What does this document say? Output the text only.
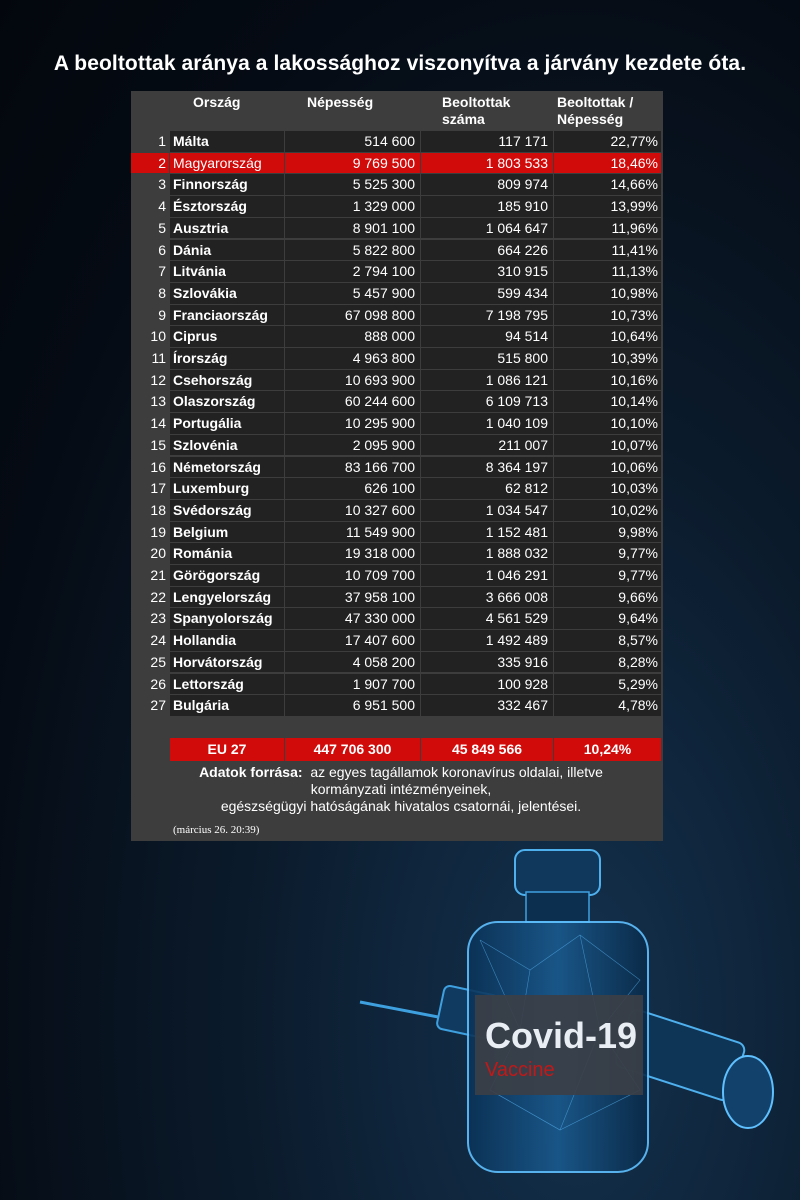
A beoltottak aránya a lakossághoz viszonyítva a járvány kezdete óta.
Ország	Népesség	Beoltottak
száma
Beoltottak /
Népesség
1 Málta	514 600	117 171	22,77%
2 Magyarország	9 769 500	1 803 533	18,46%
3 Finnország	5 525 300	809 974	14,66%
4 Észtország	1 329 000	185 910	13,99%
5 Ausztria	8 901 100	1 064 647	11,96%
6 Dánia	5 822 800	664 226	11,41%
7 Litvánia	2 794 100	310 915	11,13%
8 Szlovákia	5 457 900	599 434	10,98%
9 Franciaország	67 098 800	7 198 795	10,73%
10 Ciprus	888 000	94 514	10,64%
11 Írország	4 963 800	515 800	10,39%
12 Csehország	10 693 900	1 086 121	10,16%
13 Olaszország	60 244 600	6 109 713	10,14%
14 Portugália	10 295 900	1 040 109	10,10%
15 Szlovénia	2 095 900	211 007	10,07%
16 Németország	83 166 700	8 364 197	10,06%
17 Luxemburg	626 100	62 812	10,03%
18 Svédország	10 327 600	1 034 547	10,02%
19 Belgium	11 549 900	1 152 481	9,98%
20 Románia	19 318 000	1 888 032	9,77%
21 Görögország	10 709 700	1 046 291	9,77%
22 Lengyelország	37 958 100	3 666 008	9,66%
23 Spanyolország	47 330 000	4 561 529	9,64%
24 Hollandia	17 407 600	1 492 489	8,57%
25 Horvátország	4 058 200	335 916	8,28%
26 Lettország	1 907 700	100 928	5,29%
27 Bulgária	6 951 500	332 467	4,78%
EU 27	447 706 300	45 849 566	10,24%
Adatok forrása: az egyes tagállamok koronavírus oldalai, illetve
kormányzati intézményeinek,
egészségügyi hatóságának hivatalos csatornái, jelentései.
(március 26. 20:39)
Covid-19
Vaccine
